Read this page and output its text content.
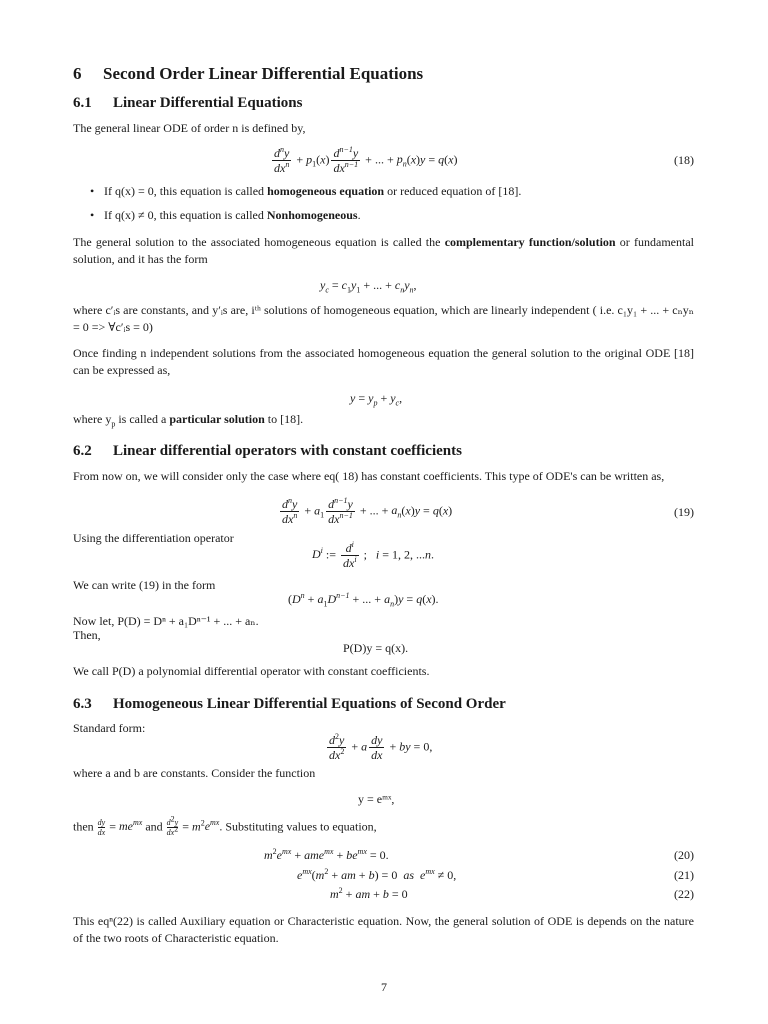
6 Second Order Linear Differential Equations
6.1 Linear Differential Equations
The general linear ODE of order n is defined by,
$\frac{d^ny}{dx^n} + p_1(x) \frac{d^{n-1}y}{dx^{n-1}}$ + ... + $p_n(x)y = q(x)$	(18)
• If q(x) = 0, this equation is called homogeneous equation or reduced equation of [18].
• If q(x) ≠ 0, this equation is called Nonhomogeneous.
The general solution to the associated homogeneous equation is called the complementary function/solution or fundamental solution, and it has the form
$y_c = c_1y_1$ + ... + $c_ny_n$,
where c′ᵢs are constants, and y′ᵢs are, iᵗʰ solutions of homogeneous equation, which are linearly independent ( i.e. c₁y₁ + ... + cₙyₙ = 0 => ∀c′ᵢs = 0)
Once finding n independent solutions from the associated homogeneous equation the general solution to the original ODE [18] can be expressed as,
$y = y_p + y_c$,
where $y_p$ is called a particular solution to [18].
6.2 Linear differential operators with constant coefficients
From now on, we will consider only the case where eq( 18) has constant coefficients. This type of ODE's can be written as,
$\frac{d^ny}{dx^n} + a_1 \frac{d^{n-1}y}{dx^{n-1}}$ + ... + $a_n(x)y = q(x)$	(19)
Using the differentiation operator
$D^i$ := $\frac{d^i}{dx^i}$ ;   i = 1, 2, ...n.
We can write (19) in the form
($D^n + a_1D^{n-1}$ + ... + $a_n)y = q(x)$.
Now let, P(D) = Dⁿ + a₁Dⁿ⁻¹ + ... + aₙ.
Then,
P(D)y = q(x).
We call P(D) a polynomial differential operator with constant coefficients.
6.3 Homogeneous Linear Differential Equations of Second Order
Standard form:
$\frac{d^2y}{dx^2} + a \frac{dy}{dx}$ + by = 0,
where a and b are constants. Consider the function
y = eᵐˣ,
then $\frac{dy}{dx} = me^{mx}$ and $\frac{d^2y}{dx^2} = m^2e^{mx}$. Substituting values to equation,
$m^2e^{mx} + ame^{mx} + be^{mx} = 0$.	(20)
$e^{mx}(m^2$ + am + b) = 0  as $e^{mx} \ne 0$,	(21)
$m^2$ + am + b = 0	(22)
This eqⁿ(22) is called Auxiliary equation or Characteristic equation. Now, the general solution of ODE is depends on the nature of the two roots of Characteristic equation.
7
